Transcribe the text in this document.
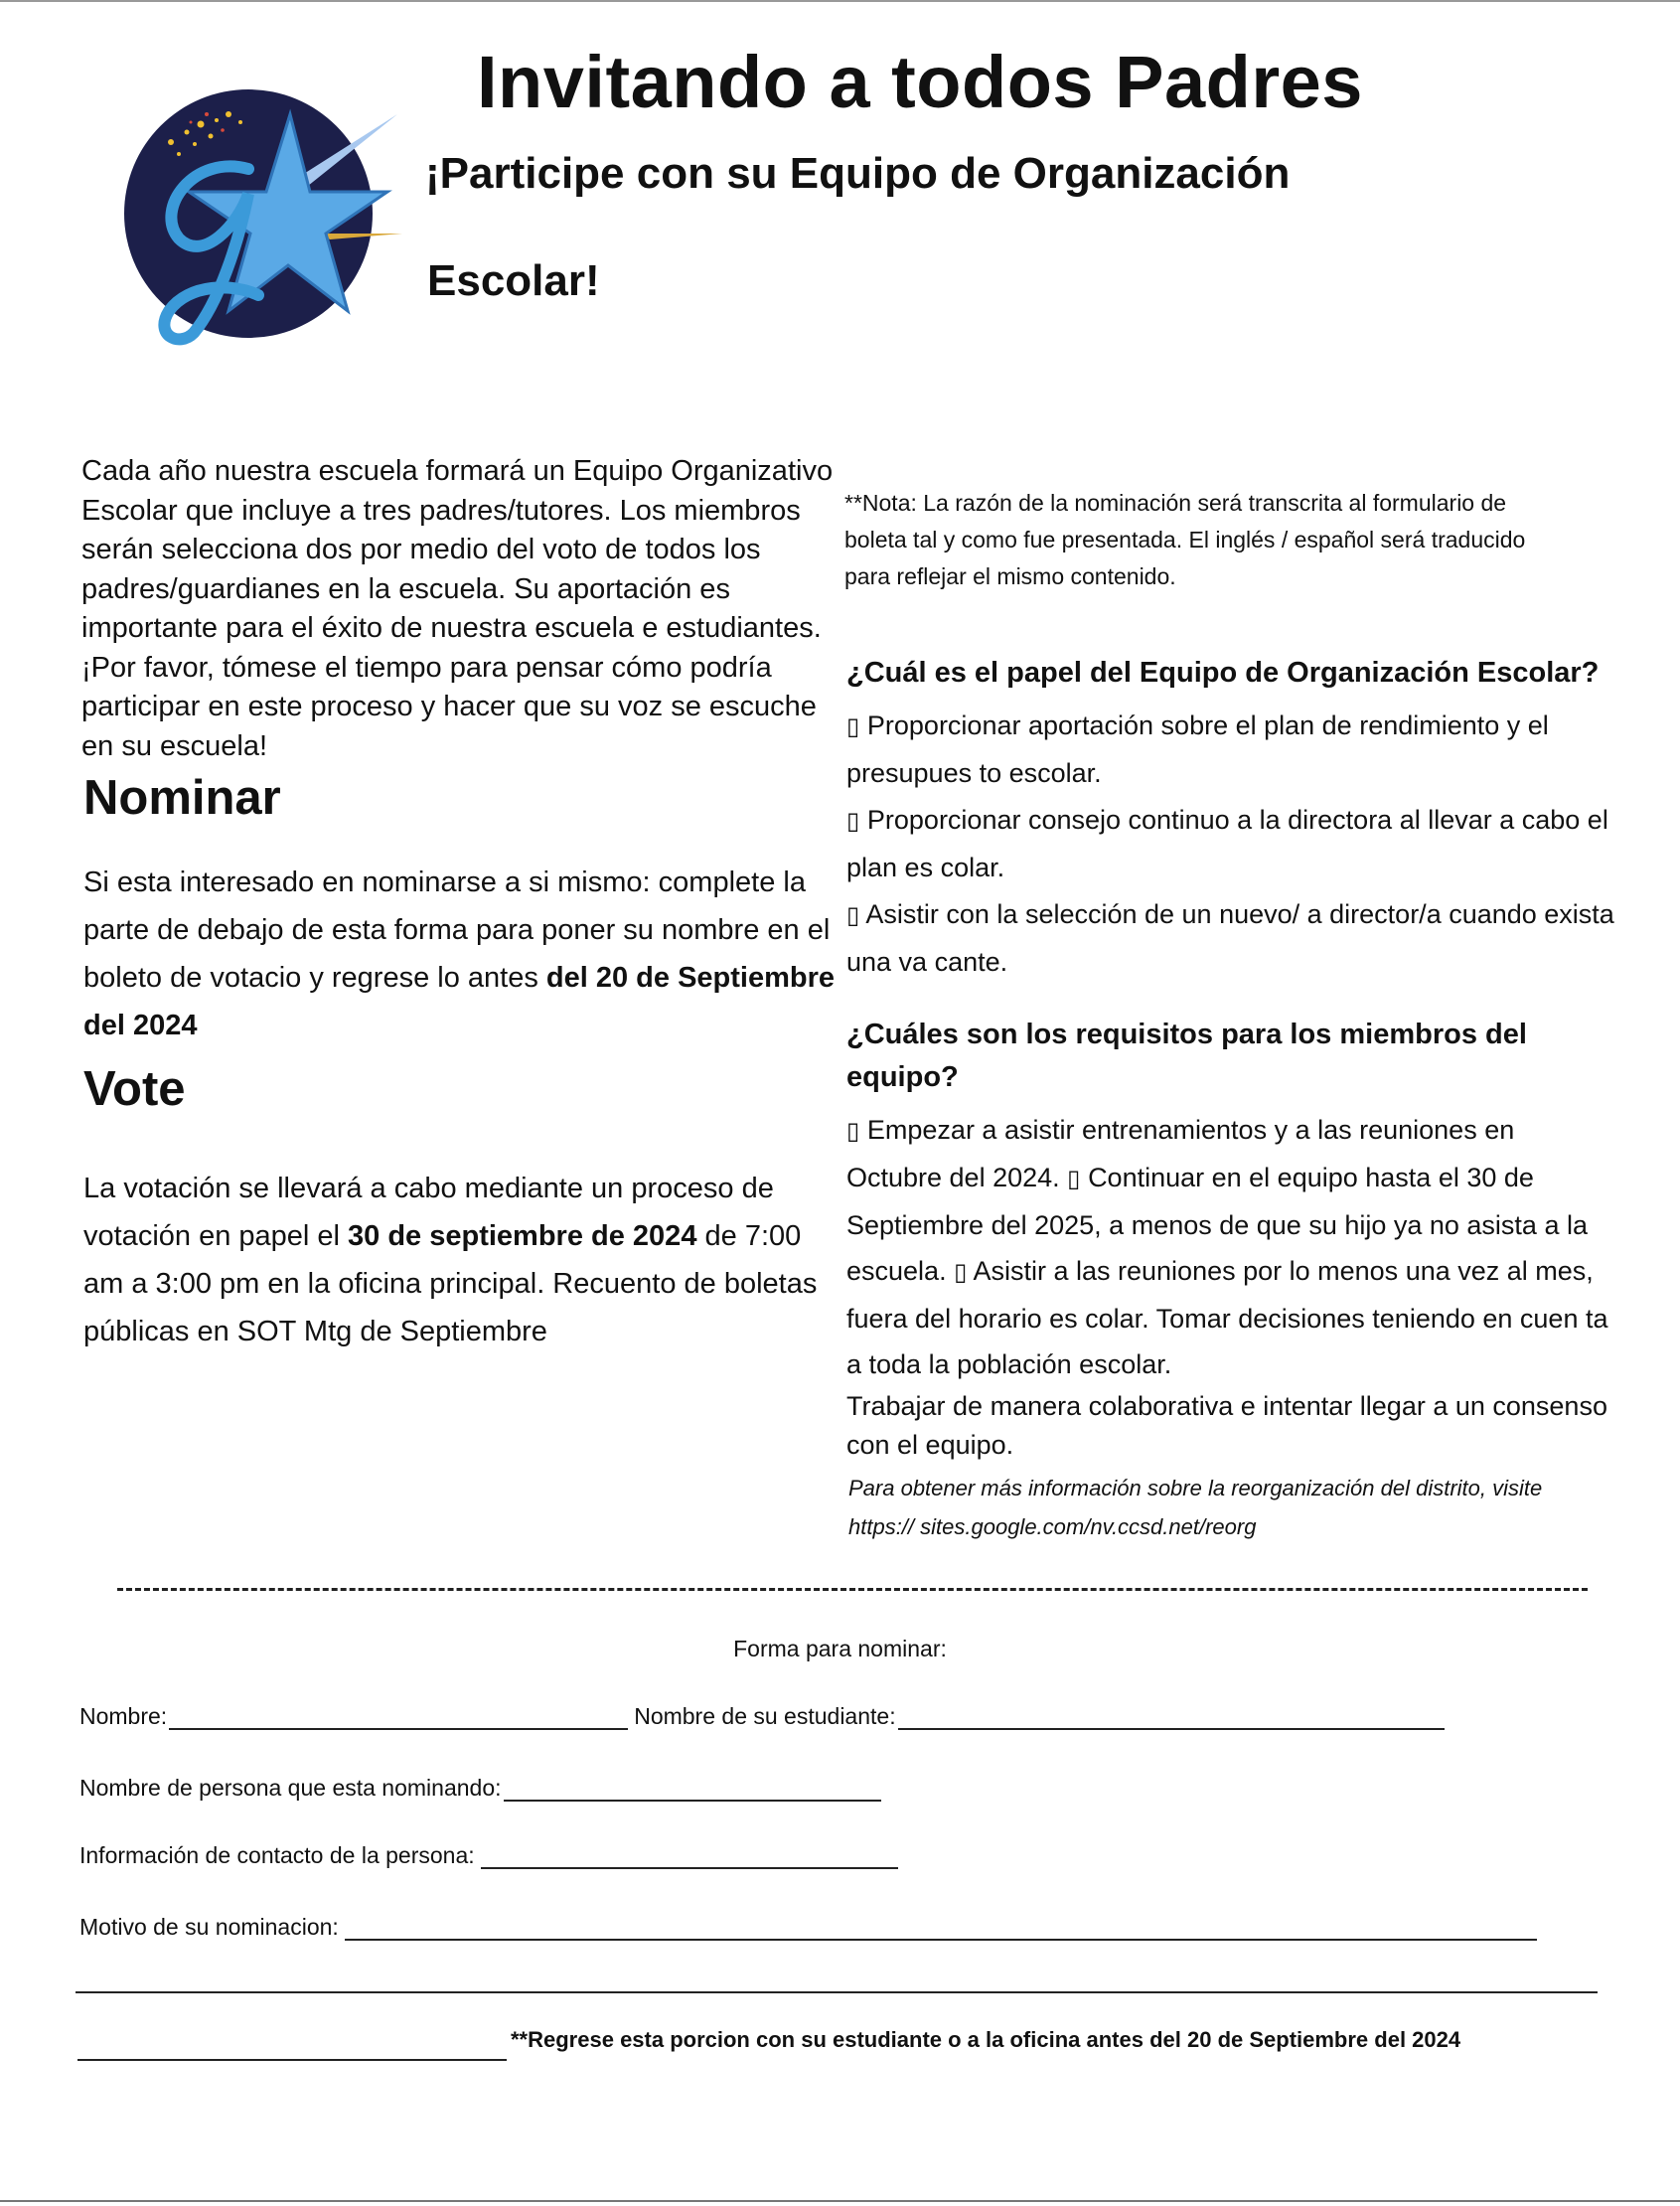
Invitando a todos Padres
¡Participe con su Equipo de Organización
Escolar!
Cada año nuestra escuela formará un Equipo Organizativo Escolar que incluye a tres padres/tutores. Los miembros serán selecciona dos por medio del voto de todos los padres/guardianes en la escuela. Su aportación es importante para el éxito de nuestra escuela e estudiantes. ¡Por favor, tómese el tiempo para pensar cómo podría participar en este proceso y hacer que su voz se escuche en su escuela!
Nominar
Si esta interesado en nominarse a si mismo: complete la parte de debajo de esta forma para poner su nombre en el boleto de votacio y regrese lo antes del 20 de Septiembre del 2024
Vote
La votación se llevará a cabo mediante un proceso de votación en papel el 30 de septiembre de 2024 de 7:00 am a 3:00 pm en la oficina principal. Recuento de boletas públicas en SOT Mtg de Septiembre
**Nota: La razón de la nominación será transcrita al formulario de boleta tal y como fue presentada. El inglés / español será traducido para reflejar el mismo contenido.
¿Cuál es el papel del Equipo de Organización Escolar?
▯ Proporcionar aportación sobre el plan de rendimiento y el presupues to escolar.
▯ Proporcionar consejo continuo a la directora al llevar a cabo el plan es colar.
▯ Asistir con la selección de un nuevo/ a director/a cuando exista una va cante.
¿Cuáles son los requisitos para los miembros del equipo?
▯ Empezar a asistir entrenamientos y a las reuniones en Octubre del 2024. ▯ Continuar en el equipo hasta el 30 de Septiembre del 2025, a menos de que su hijo ya no asista a la escuela. ▯ Asistir a las reuniones por lo menos una vez al mes, fuera del horario es colar. Tomar decisiones teniendo en cuen ta a toda la población escolar.
Trabajar de manera colaborativa e intentar llegar a un consenso con el equipo.
Para obtener más información sobre la reorganización del distrito, visite https:// sites.google.com/nv.ccsd.net/reorg
Forma para nominar:
Nombre:	Nombre de su estudiante:
Nombre de persona que esta nominando:
Información de contacto de la persona:
Motivo de su nominacion:
**Regrese esta porcion con su estudiante o a la oficina antes del 20 de Septiembre del 2024
